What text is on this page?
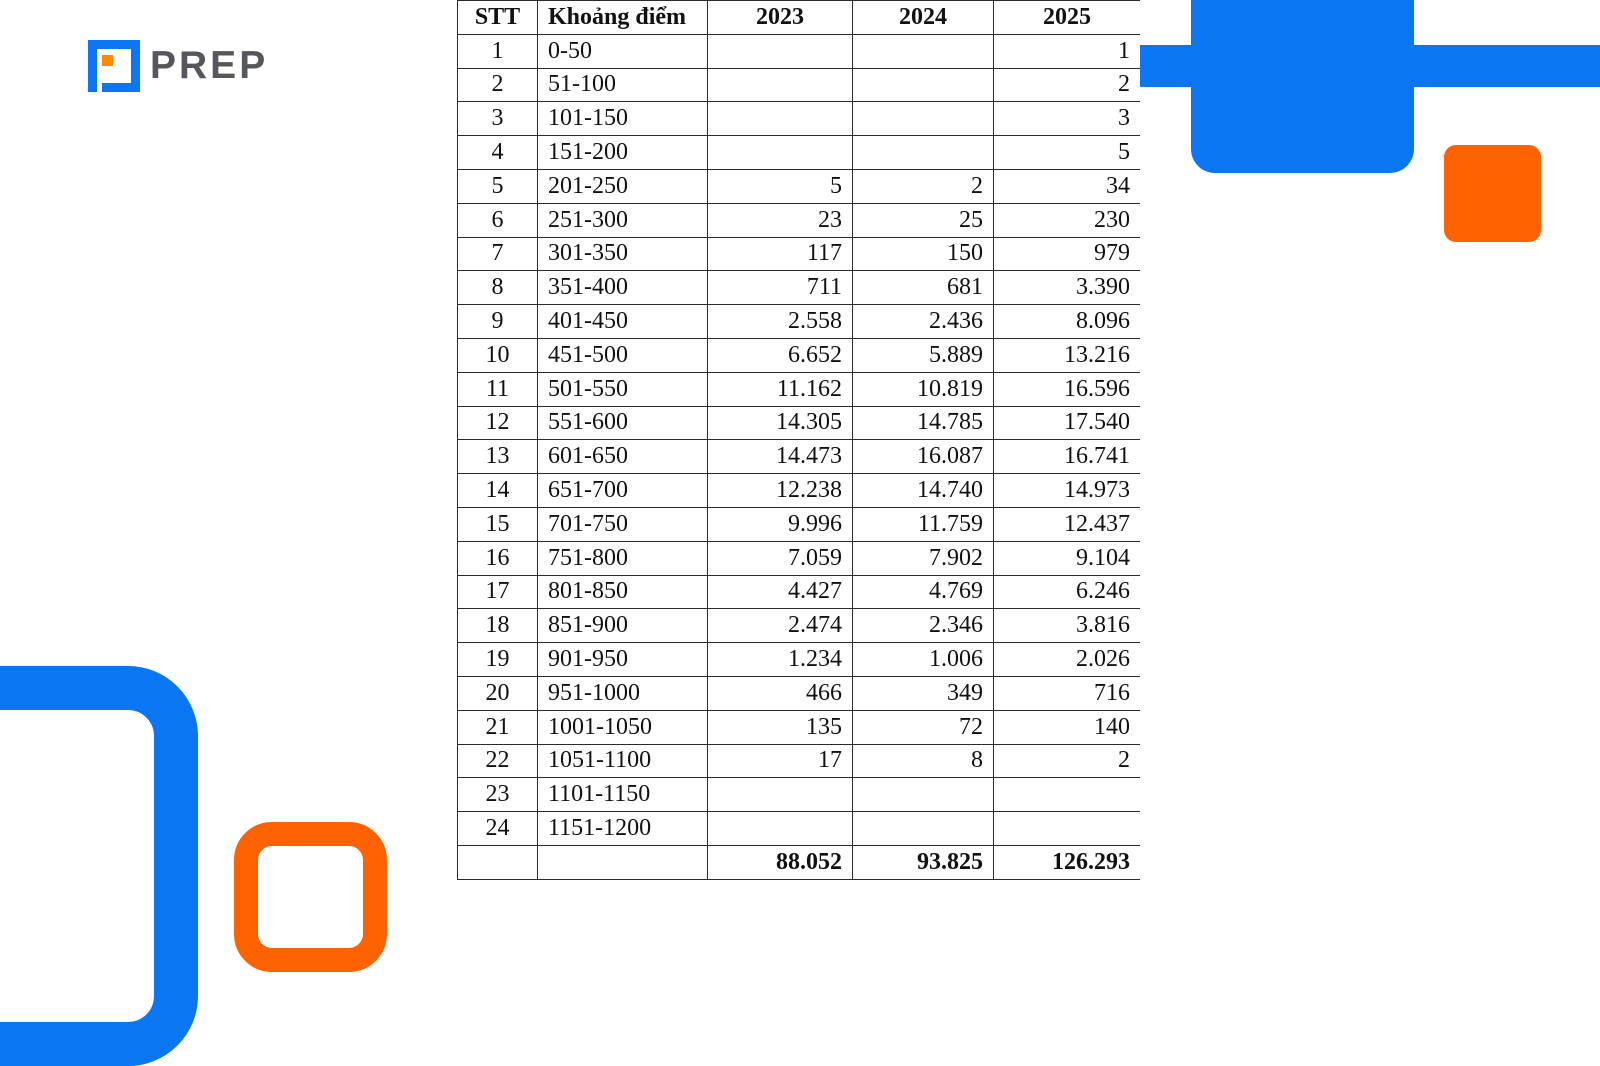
PREP
STT	Khoảng điểm	2023	2024	2025
1	0-50			1
2	51-100			2
3	101-150			3
4	151-200			5
5	201-250	5	2	34
6	251-300	23	25	230
7	301-350	117	150	979
8	351-400	711	681	3.390
9	401-450	2.558	2.436	8.096
10	451-500	6.652	5.889	13.216
11	501-550	11.162	10.819	16.596
12	551-600	14.305	14.785	17.540
13	601-650	14.473	16.087	16.741
14	651-700	12.238	14.740	14.973
15	701-750	9.996	11.759	12.437
16	751-800	7.059	7.902	9.104
17	801-850	4.427	4.769	6.246
18	851-900	2.474	2.346	3.816
19	901-950	1.234	1.006	2.026
20	951-1000	466	349	716
21	1001-1050	135	72	140
22	1051-1100	17	8	2
23	1101-1150			
24	1151-1200			
		88.052	93.825	126.293
